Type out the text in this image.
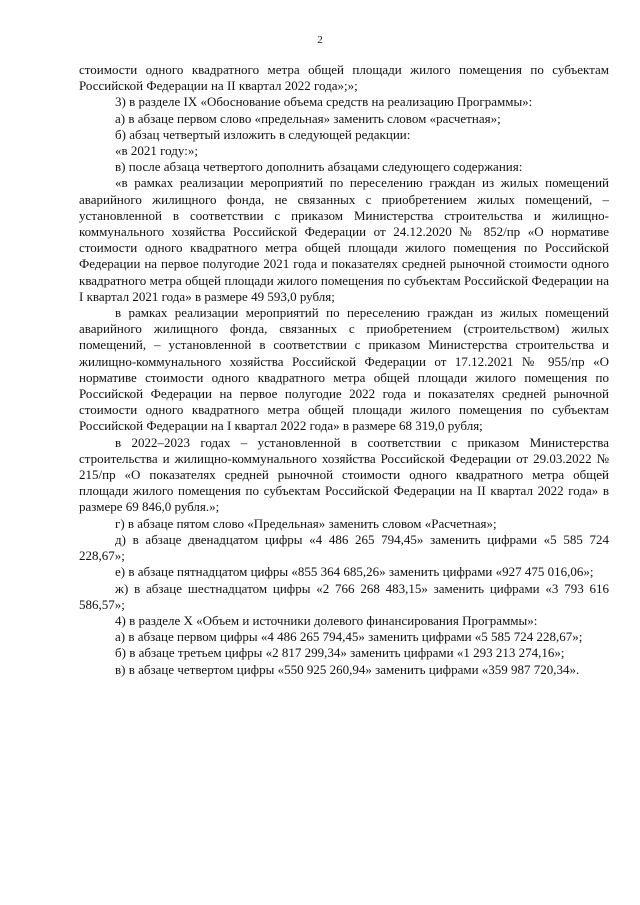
2

стоимости одного квадратного метра общей площади жилого помещения по субъектам Российской Федерации на II квартал 2022 года»;»;

3) в разделе IX «Обоснование объема средств на реализацию Программы»:

а) в абзаце первом слово «предельная» заменить словом «расчетная»;

б) абзац четвертый изложить в следующей редакции:

«в 2021 году:»;

в) после абзаца четвертого дополнить абзацами следующего содержания:

«в рамках реализации мероприятий по переселению граждан из жилых помещений аварийного жилищного фонда, не связанных с приобретением жилых помещений, – установленной в соответствии с приказом Министерства строительства и жилищно-коммунального хозяйства Российской Федерации от 24.12.2020 № 852/пр «О нормативе стоимости одного квадратного метра общей площади жилого помещения по Российской Федерации на первое полугодие 2021 года и показателях средней рыночной стоимости одного квадратного метра общей площади жилого помещения по субъектам Российской Федерации на I квартал 2021 года» в размере 49 593,0 рубля;

в рамках реализации мероприятий по переселению граждан из жилых помещений аварийного жилищного фонда, связанных с приобретением (строительством) жилых помещений, – установленной в соответствии с приказом Министерства строительства и жилищно-коммунального хозяйства Российской Федерации от 17.12.2021 № 955/пр «О нормативе стоимости одного квадратного метра общей площади жилого помещения по Российской Федерации на первое полугодие 2022 года и показателях средней рыночной стоимости одного квадратного метра общей площади жилого помещения по субъектам Российской Федерации на I квартал 2022 года» в размере 68 319,0 рубля;

в 2022–2023 годах – установленной в соответствии с приказом Министерства строительства и жилищно-коммунального хозяйства Российской Федерации от 29.03.2022 № 215/пр «О показателях средней рыночной стоимости одного квадратного метра общей площади жилого помещения по субъектам Российской Федерации на II квартал 2022 года» в размере 69 846,0 рубля.»;

г) в абзаце пятом слово «Предельная» заменить словом «Расчетная»;

д) в абзаце двенадцатом цифры «4 486 265 794,45» заменить цифрами «5 585 724 228,67»;

е) в абзаце пятнадцатом цифры «855 364 685,26» заменить цифрами «927 475 016,06»;

ж) в абзаце шестнадцатом цифры «2 766 268 483,15» заменить цифрами «3 793 616 586,57»;

4) в разделе X «Объем и источники долевого финансирования Программы»:

а) в абзаце первом цифры «4 486 265 794,45» заменить цифрами «5 585 724 228,67»;

б) в абзаце третьем цифры «2 817 299,34» заменить цифрами «1 293 213 274,16»;

в) в абзаце четвертом цифры «550 925 260,94» заменить цифрами «359 987 720,34».
